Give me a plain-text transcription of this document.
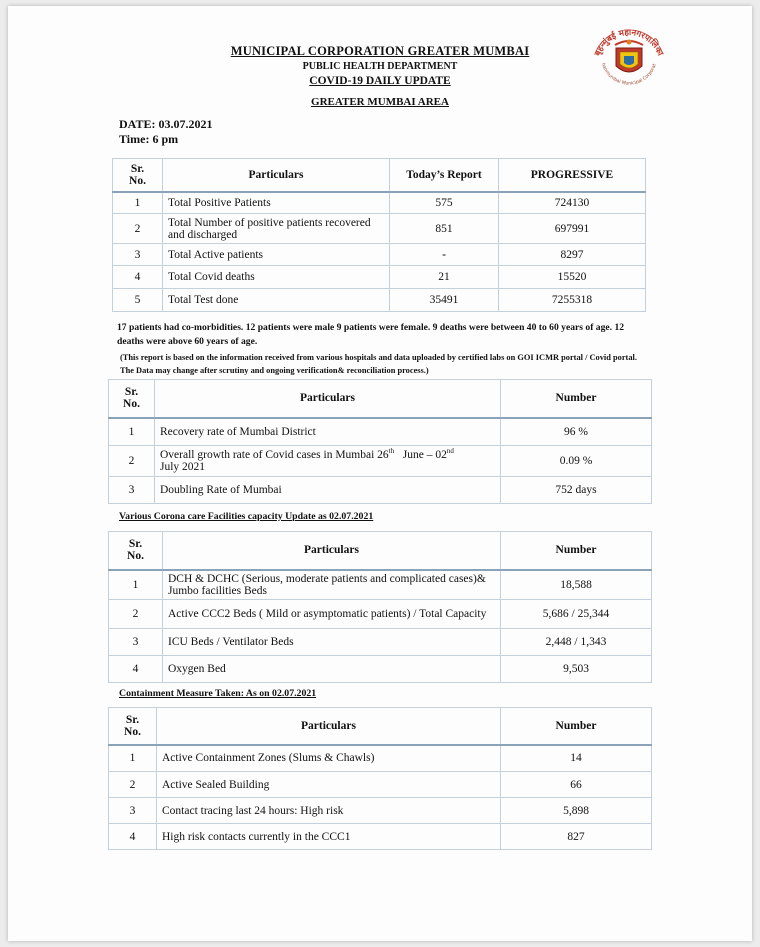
बृहन्मुंबई महानगरपालिका
hanmumbai Municipal Corporat
MUNICIPAL CORPORATION GREATER MUMBAI
PUBLIC HEALTH DEPARTMENT
COVID-19 DAILY UPDATE
GREATER MUMBAI AREA
DATE: 03.07.2021
Time: 6 pm
Sr.
No.	Particulars	Today’s Report	PROGRESSIVE
1	Total Positive Patients	575	724130
2	Total Number of positive patients recovered and discharged	851	697991
3	Total Active patients	-	8297
4	Total Covid deaths	21	15520
5	Total Test done	35491	7255318
17 patients had co-morbidities. 12 patients were male 9 patients were female. 9 deaths were between 40 to 60 years of age. 12 deaths were above 60 years of age.
(This report is based on the information received from various hospitals and data uploaded by certified labs on GOI ICMR portal / Covid portal. The Data may change after scrutiny and ongoing verification& reconciliation process.)
Sr.
No.	Particulars	Number
1	Recovery rate of Mumbai District	96 %
2	Overall growth rate of Covid cases in Mumbai 26th   June – 02nd
July 2021	0.09 %
3	Doubling Rate of Mumbai	752 days
Various Corona care Facilities capacity Update as 02.07.2021
Sr.
No.	Particulars	Number
1	DCH & DCHC (Serious, moderate patients and complicated cases)& Jumbo facilities Beds	18,588
2	Active CCC2 Beds ( Mild or asymptomatic patients) / Total Capacity	5,686 / 25,344
3	ICU Beds / Ventilator Beds	2,448 / 1,343
4	Oxygen Bed	9,503
Containment Measure Taken: As on 02.07.2021
Sr.
No.	Particulars	Number
1	Active Containment Zones (Slums & Chawls)	14
2	Active Sealed Building	66
3	Contact tracing last 24 hours: High risk	5,898
4	High risk contacts currently in the CCC1	827
